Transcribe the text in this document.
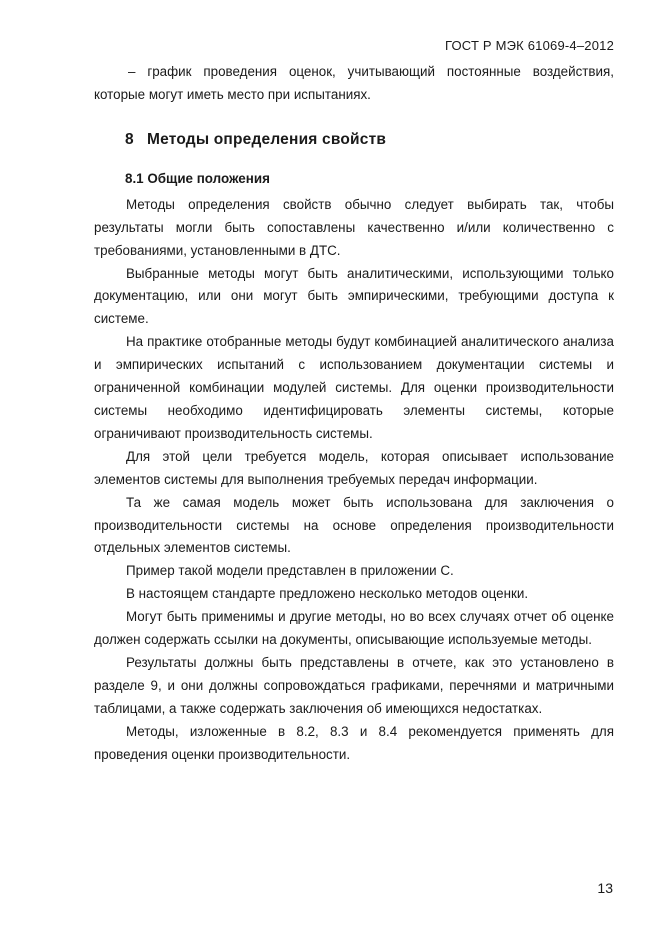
ГОСТ Р МЭК 61069-4–2012

– график проведения оценок, учитывающий постоянные воздействия, которые могут иметь место при испытаниях.

8 Методы определения свойств
8.1 Общие положения

Методы определения свойств обычно следует выбирать так, чтобы результаты могли быть сопоставлены качественно и/или количественно с требованиями, установленными в ДТС.

Выбранные методы могут быть аналитическими, использующими только документацию, или они могут быть эмпирическими, требующими доступа к системе.

На практике отобранные методы будут комбинацией аналитического анализа и эмпирических испытаний с использованием документации системы и ограниченной комбинации модулей системы. Для оценки производительности системы необходимо идентифицировать элементы системы, которые ограничивают производительность системы.

Для этой цели требуется модель, которая описывает использование элементов системы для выполнения требуемых передач информации.

Та же самая модель может быть использована для заключения о производительности системы на основе определения производительности отдельных элементов системы.

Пример такой модели представлен в приложении С.

В настоящем стандарте предложено несколько методов оценки.

Могут быть применимы и другие методы, но во всех случаях отчет об оценке должен содержать ссылки на документы, описывающие используемые методы.

Результаты должны быть представлены в отчете, как это установлено в разделе 9, и они должны сопровождаться графиками, перечнями и матричными таблицами, а также содержать заключения об имеющихся недостатках.

Методы, изложенные в 8.2, 8.3 и 8.4 рекомендуется применять для проведения оценки производительности.

13
